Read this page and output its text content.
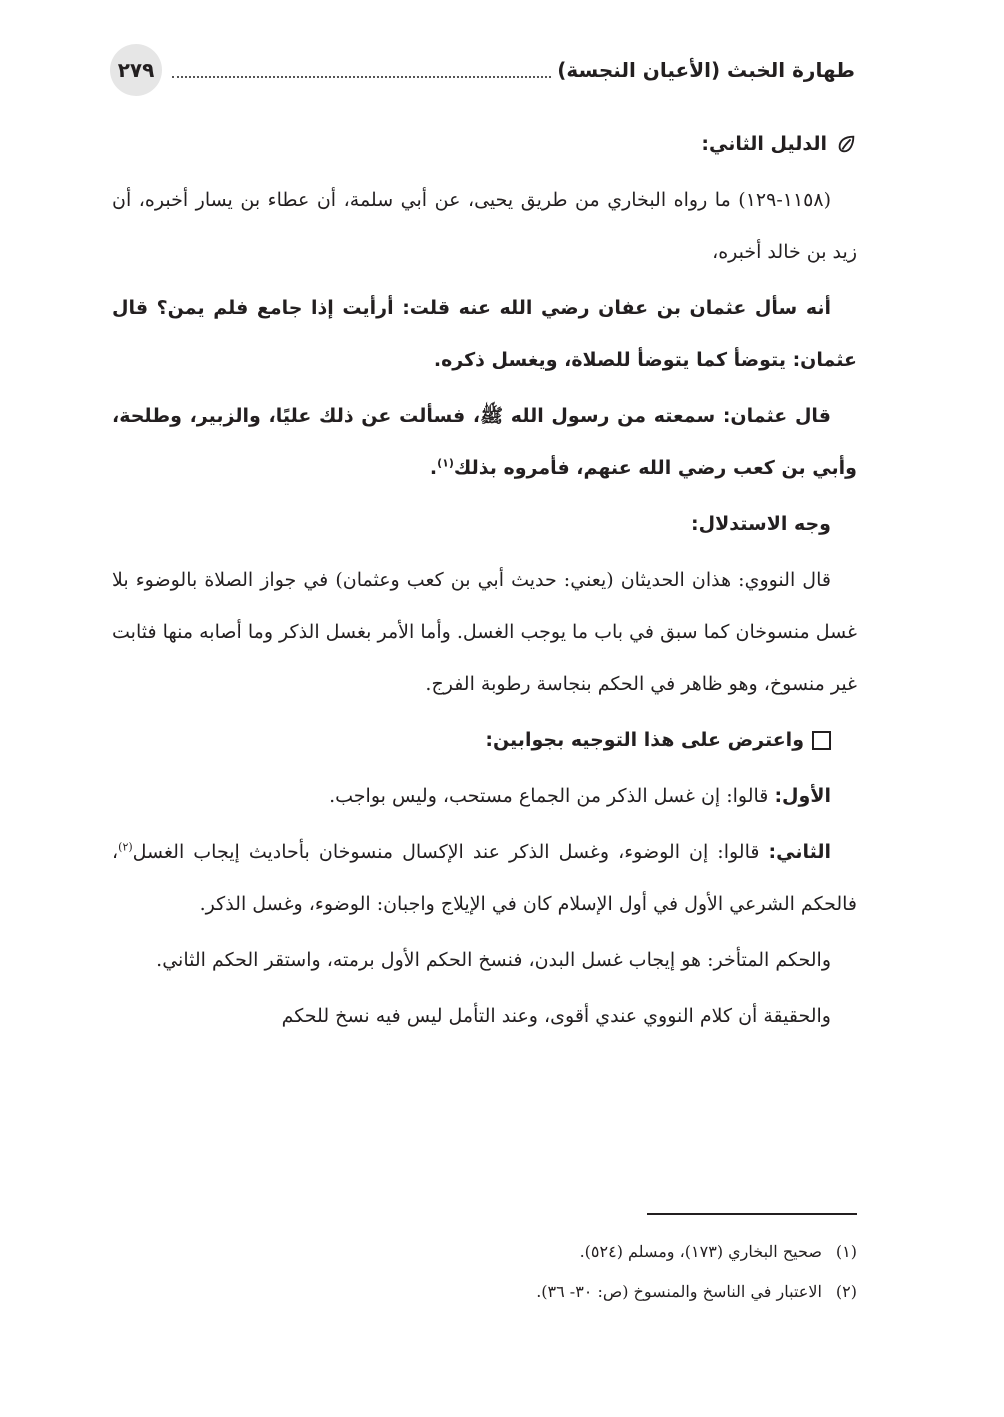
طهارة الخبث (الأعيان النجسة)
٢٧٩

الدليل الثاني:

(١١٥٨-١٢٩) ما رواه البخاري من طريق يحيى، عن أبي سلمة، أن عطاء بن يسار أخبره، أن زيد بن خالد أخبره،

أنه سأل عثمان بن عفان رضي الله عنه قلت: أرأيت إذا جامع فلم يمن؟ قال عثمان: يتوضأ كما يتوضأ للصلاة، ويغسل ذكره.

قال عثمان: سمعته من رسول الله ﷺ، فسألت عن ذلك عليًا، والزبير، وطلحة، وأبي بن كعب رضي الله عنهم، فأمروه بذلك$^{(١)}$.

وجه الاستدلال:

قال النووي: هذان الحديثان (يعني: حديث أبي بن كعب وعثمان) في جواز الصلاة بالوضوء بلا غسل منسوخان كما سبق في باب ما يوجب الغسل. وأما الأمر بغسل الذكر وما أصابه منها فثابت غير منسوخ، وهو ظاهر في الحكم بنجاسة رطوبة الفرج.

واعترض على هذا التوجيه بجوابين:

الأول: قالوا: إن غسل الذكر من الجماع مستحب، وليس بواجب.

الثاني: قالوا: إن الوضوء، وغسل الذكر عند الإكسال منسوخان بأحاديث إيجاب الغسل$^{(٢)}$، فالحكم الشرعي الأول في أول الإسلام كان في الإيلاج واجبان: الوضوء، وغسل الذكر.

والحكم المتأخر: هو إيجاب غسل البدن، فنسخ الحكم الأول برمته، واستقر الحكم الثاني.

والحقيقة أن كلام النووي عندي أقوى، وعند التأمل ليس فيه نسخ للحكم

(١)
صحيح البخاري (١٧٣)، ومسلم (٥٢٤).
(٢)
الاعتبار في الناسخ والمنسوخ (ص: ٣٠- ٣٦).
